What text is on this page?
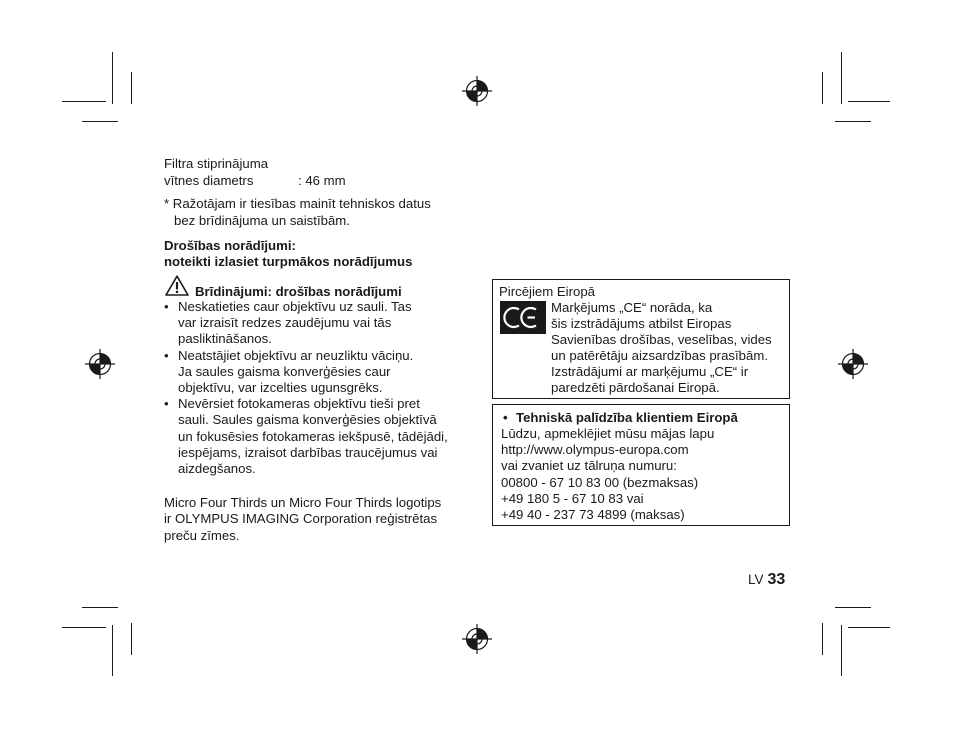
Filtra stiprinājuma
vītnes diametrs	: 46 mm
* Ražotājam ir tiesības mainīt tehniskos datus
bez brīdinājuma un saistībām.
Drošības norādījumi:
noteikti izlasiet turpmākos norādījumus
Brīdinājumi: drošības norādījumi
• Neskatieties caur objektīvu uz sauli. Tas
var izraisīt redzes zaudējumu vai tās
pasliktināšanos.
• Neatstājiet objektīvu ar neuzliktu vāciņu.
Ja saules gaisma konverģēsies caur
objektīvu, var izcelties ugunsgrēks.
• Nevērsiet fotokameras objektīvu tieši pret
sauli. Saules gaisma konverģēsies objektīvā
un fokusēsies fotokameras iekšpusē, tādējādi,
iespējams, izraisot darbības traucējumus vai
aizdegšanos.
Micro Four Thirds un Micro Four Thirds logotips
ir OLYMPUS IMAGING Corporation reģistrētas
preču zīmes.
Pircējiem Eiropā
Marķējums „CE“ norāda, ka
šis izstrādājums atbilst Eiropas
Savienības drošības, veselības, vides
un patērētāju aizsardzības prasībām.
Izstrādājumi ar marķējumu „CE“ ir
paredzēti pārdošanai Eiropā.
• Tehniskā palīdzība klientiem Eiropā
Lūdzu, apmeklējiet mūsu mājas lapu
http://www.olympus-europa.com
vai zvaniet uz tālruņa numuru:
00800 - 67 10 83 00 (bezmaksas)
+49 180 5 - 67 10 83 vai
+49 40 - 237 73 4899 (maksas)
LV 33
